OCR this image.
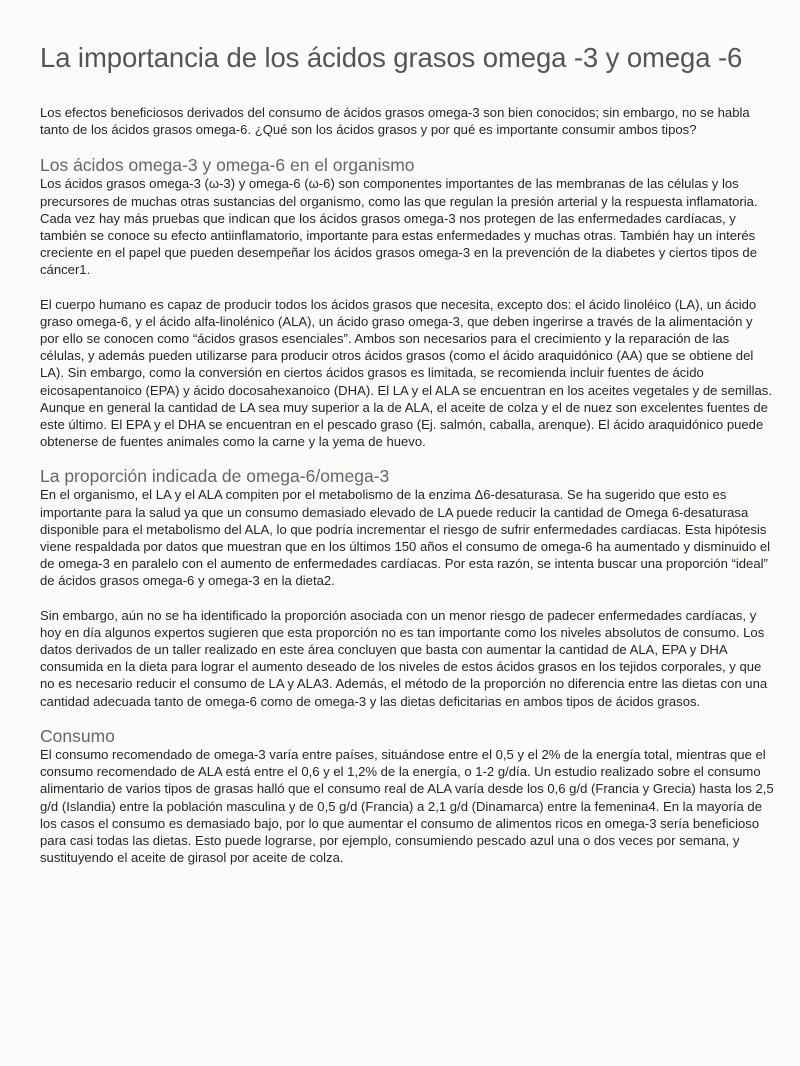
La importancia de los ácidos grasos omega -3 y omega -6

Los efectos beneficiosos derivados del consumo de ácidos grasos omega-3 son bien conocidos; sin embargo, no se habla tanto de los ácidos grasos omega-6. ¿Qué son los ácidos grasos y por qué es importante consumir ambos tipos?

Los ácidos omega-3 y omega-6 en el organismo

Los ácidos grasos omega-3 (ω-3) y omega-6 (ω-6) son componentes importantes de las membranas de las células y los precursores de muchas otras sustancias del organismo, como las que regulan la presión arterial y la respuesta inflamatoria. Cada vez hay más pruebas que indican que los ácidos grasos omega-3 nos protegen de las enfermedades cardíacas, y también se conoce su efecto antiinflamatorio, importante para estas enfermedades y muchas otras. También hay un interés creciente en el papel que pueden desempeñar los ácidos grasos omega-3 en la prevención de la diabetes y ciertos tipos de cáncer1.

El cuerpo humano es capaz de producir todos los ácidos grasos que necesita, excepto dos: el ácido linoléico (LA), un ácido graso omega-6, y el ácido alfa-linolénico (ALA), un ácido graso omega-3, que deben ingerirse a través de la alimentación y por ello se conocen como “ácidos grasos esenciales”. Ambos son necesarios para el crecimiento y la reparación de las células, y además pueden utilizarse para producir otros ácidos grasos (como el ácido araquidónico (AA) que se obtiene del LA). Sin embargo, como la conversión en ciertos ácidos grasos es limitada, se recomienda incluir fuentes de ácido eicosapentanoico (EPA) y ácido docosahexanoico (DHA). El LA y el ALA se encuentran en los aceites vegetales y de semillas. Aunque en general la cantidad de LA sea muy superior a la de ALA, el aceite de colza y el de nuez son excelentes fuentes de este último. El EPA y el DHA se encuentran en el pescado graso (Ej. salmón, caballa, arenque). El ácido araquidónico puede obtenerse de fuentes animales como la carne y la yema de huevo.

La proporción indicada de omega-6/omega-3

En el organismo, el LA y el ALA compiten por el metabolismo de la enzima Δ6-desaturasa. Se ha sugerido que esto es importante para la salud ya que un consumo demasiado elevado de LA puede reducir la cantidad de Omega 6-desaturasa disponible para el metabolismo del ALA, lo que podría incrementar el riesgo de sufrir enfermedades cardíacas. Esta hipótesis viene respaldada por datos que muestran que en los últimos 150 años el consumo de omega-6 ha aumentado y disminuido el de omega-3 en paralelo con el aumento de enfermedades cardíacas. Por esta razón, se intenta buscar una proporción “ideal” de ácidos grasos omega-6 y omega-3 en la dieta2.

Sin embargo, aún no se ha identificado la proporción asociada con un menor riesgo de padecer enfermedades cardíacas, y hoy en día algunos expertos sugieren que esta proporción no es tan importante como los niveles absolutos de consumo. Los datos derivados de un taller realizado en este área concluyen que basta con aumentar la cantidad de ALA, EPA y DHA consumida en la dieta para lograr el aumento deseado de los niveles de estos ácidos grasos en los tejidos corporales, y que no es necesario reducir el consumo de LA y ALA3. Además, el método de la proporción no diferencia entre las dietas con una cantidad adecuada tanto de omega-6 como de omega-3 y las dietas deficitarias en ambos tipos de ácidos grasos.

Consumo

El consumo recomendado de omega-3 varía entre países, situándose entre el 0,5 y el 2% de la energía total, mientras que el consumo recomendado de ALA está entre el 0,6 y el 1,2% de la energía, o 1-2 g/día. Un estudio realizado sobre el consumo alimentario de varios tipos de grasas halló que el consumo real de ALA varía desde los 0,6 g/d (Francia y Grecia) hasta los 2,5 g/d (Islandia) entre la población masculina y de 0,5 g/d (Francia) a 2,1 g/d (Dinamarca) entre la femenina4. En la mayoría de los casos el consumo es demasiado bajo, por lo que aumentar el consumo de alimentos ricos en omega-3 sería beneficioso para casi todas las dietas. Esto puede lograrse, por ejemplo, consumiendo pescado azul una o dos veces por semana, y sustituyendo el aceite de girasol por aceite de colza.
